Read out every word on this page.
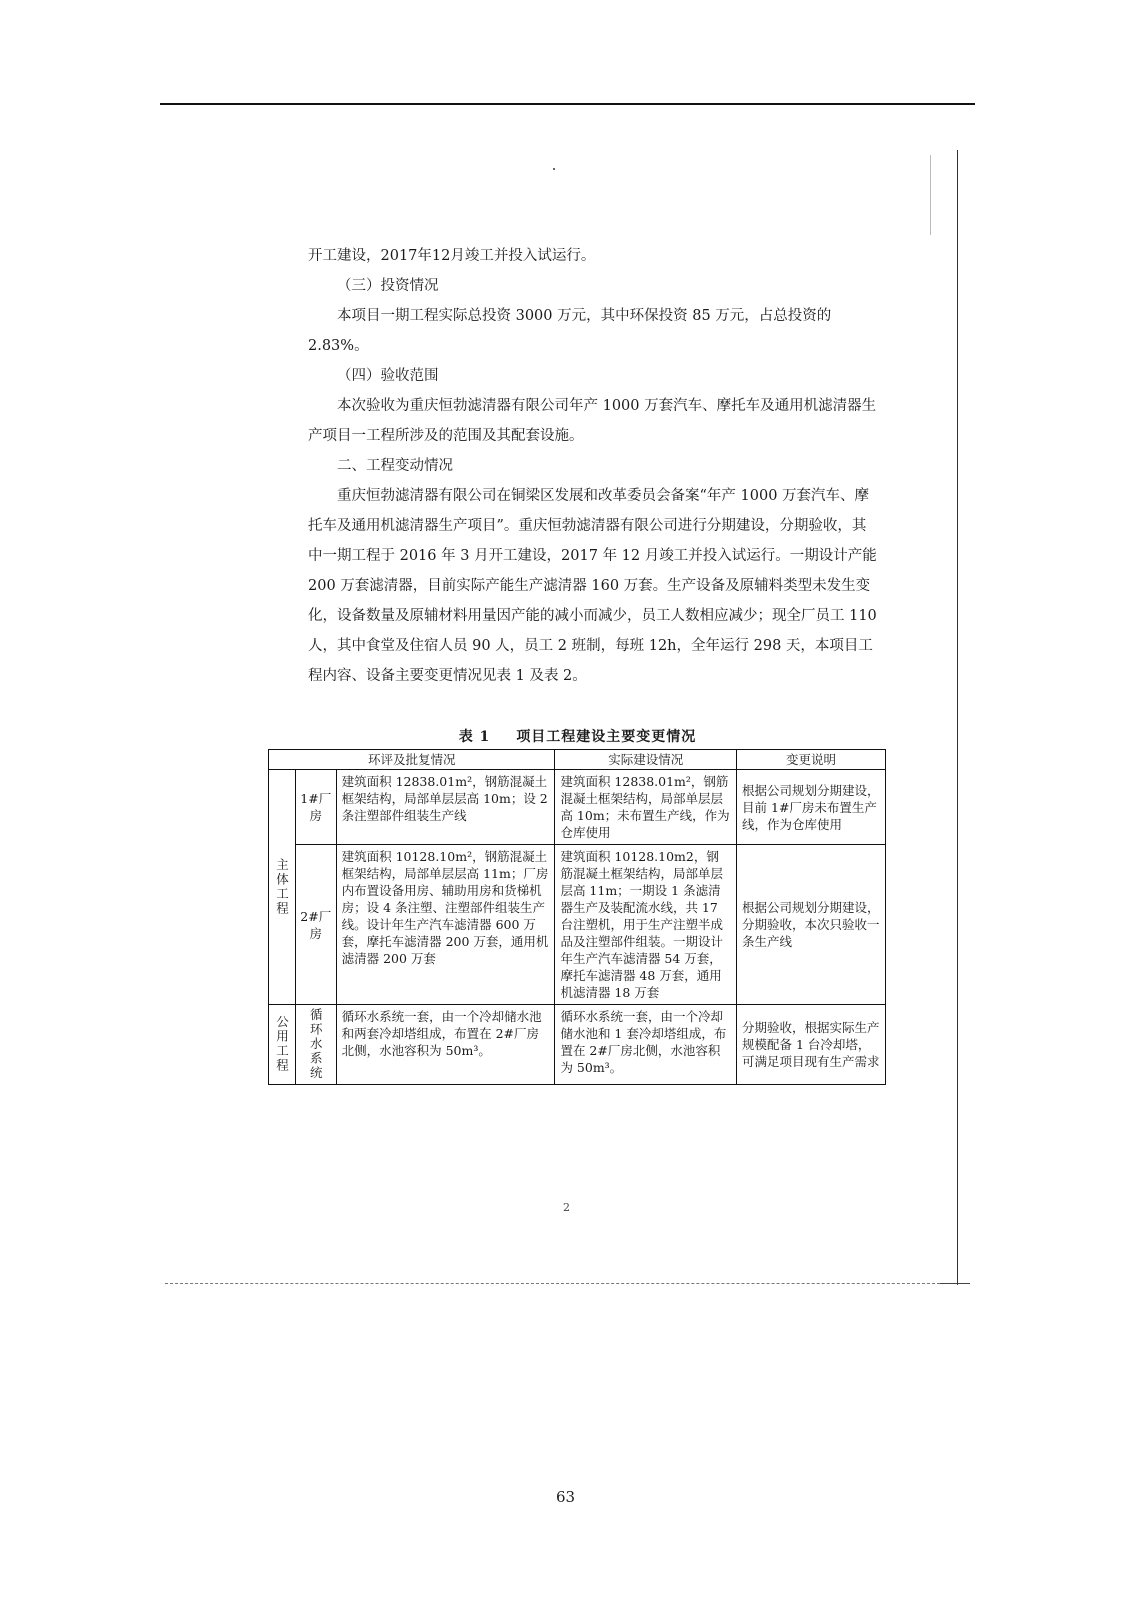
开工建设，2017年12月竣工并投入试运行。

（三）投资情况

本项目一期工程实际总投资 3000 万元，其中环保投资 85 万元，占总投资的 2.83%。

（四）验收范围

本次验收为重庆恒勃滤清器有限公司年产 1000 万套汽车、摩托车及通用机滤清器生产项目一工程所涉及的范围及其配套设施。

二、工程变动情况

重庆恒勃滤清器有限公司在铜梁区发展和改革委员会备案“年产 1000 万套汽车、摩托车及通用机滤清器生产项目”。重庆恒勃滤清器有限公司进行分期建设，分期验收，其中一期工程于 2016 年 3 月开工建设，2017 年 12 月竣工并投入试运行。一期设计产能 200 万套滤清器，目前实际产能生产滤清器 160 万套。生产设备及原辅料类型未发生变化，设备数量及原辅材料用量因产能的减小而减少，员工人数相应减少；现全厂员工 110 人，其中食堂及住宿人员 90 人，员工 2 班制，每班 12h，全年运行 298 天，本项目工程内容、设备主要变更情况见表 1 及表 2。

表 1 项目工程建设主要变更情况
环评及批复情况			实际建设情况	变更说明
主体工程	1#厂房	建筑面积 12838.01m²，钢筋混凝土框架结构，局部单层层高 10m；设 2 条注塑部件组装生产线	建筑面积 12838.01m²，钢筋混凝土框架结构，局部单层层高 10m；未布置生产线，作为仓库使用	根据公司规划分期建设，目前 1#厂房未布置生产线，作为仓库使用
	2#厂房	建筑面积 10128.10m²，钢筋混凝土框架结构，局部单层层高 11m；厂房内布置设备用房、辅助用房和货梯机房；设 4 条注塑、注塑部件组装生产线。设计年生产汽车滤清器 600 万套，摩托车滤清器 200 万套，通用机滤清器 200 万套	建筑面积 10128.10m2，钢筋混凝土框架结构，局部单层层高 11m；一期设 1 条滤清器生产及装配流水线，共 17 台注塑机，用于生产注塑半成品及注塑部件组装。一期设计年生产汽车滤清器 54 万套，摩托车滤清器 48 万套，通用机滤清器 18 万套	根据公司规划分期建设，分期验收，本次只验收一条生产线
公用工程	循环水系统	循环水系统一套，由一个冷却储水池和两套冷却塔组成，布置在 2#厂房北侧，水池容积为 50m³。	循环水系统一套，由一个冷却储水池和 1 套冷却塔组成，布置在 2#厂房北侧，水池容积为 50m³。	分期验收，根据实际生产规模配备 1 台冷却塔，可满足项目现有生产需求
2
63
